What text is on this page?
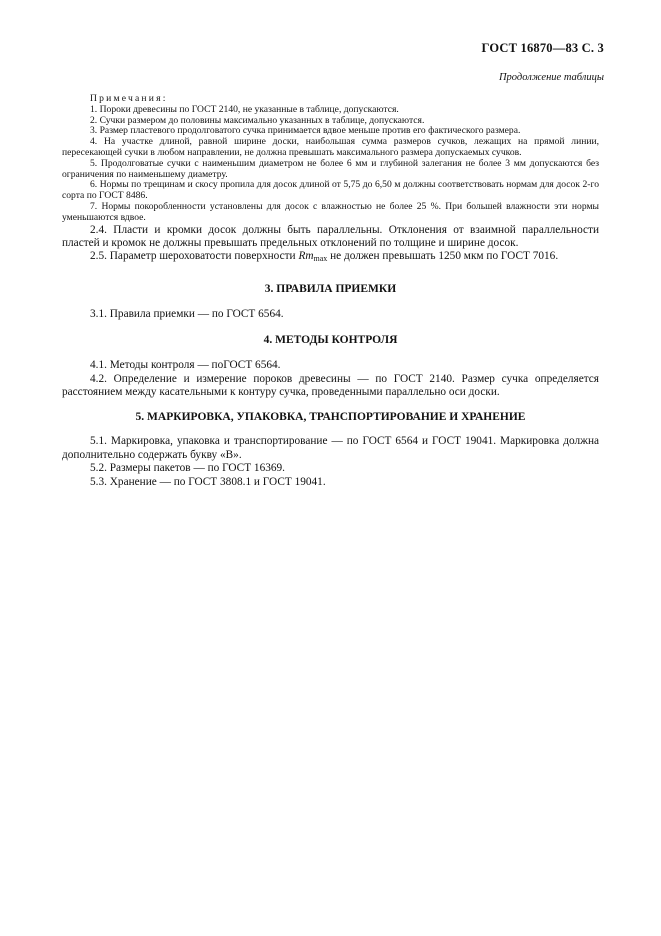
ГОСТ 16870—83 С. 3
Продолжение таблицы
Примечания:

1. Пороки древесины по ГОСТ 2140, не указанные в таблице, допускаются.

2. Сучки размером до половины максимально указанных в таблице, допускаются.

3. Размер пластевого продолговатого сучка принимается вдвое меньше против его фактического размера.

4. На участке длиной, равной ширине доски, наибольшая сумма размеров сучков, лежащих на прямой линии, пересекающей сучки в любом направлении, не должна превышать максимального размера допускаемых сучков.

5. Продолговатые сучки с наименьшим диаметром не более 6 мм и глубиной залегания не более 3 мм допускаются без ограничения по наименьшему диаметру.

6. Нормы по трещинам и скосу пропила для досок длиной от 5,75 до 6,50 м должны соответствовать нормам для досок 2-го сорта по ГОСТ 8486.

7. Нормы покоробленности установлены для досок с влажностью не более 25 %. При большей влажности эти нормы уменьшаются вдвое.

2.4. Пласти и кромки досок должны быть параллельны. Отклонения от взаимной параллельности пластей и кромок не должны превышать предельных отклонений по толщине и ширине досок.

2.5. Параметр шероховатости поверхности $Rm_{max}$ не должен превышать 1250 мкм по ГОСТ 7016.

3. ПРАВИЛА ПРИЕМКИ

3.1. Правила приемки — по ГОСТ 6564.

4. МЕТОДЫ КОНТРОЛЯ

4.1. Методы контроля — поГОСТ 6564.

4.2. Определение и измерение пороков древесины — по ГОСТ 2140. Размер сучка определяется расстоянием между касательными к контуру сучка, проведенными параллельно оси доски.

5. МАРКИРОВКА, УПАКОВКА, ТРАНСПОРТИРОВАНИЕ И ХРАНЕНИЕ

5.1. Маркировка, упаковка и транспортирование — по ГОСТ 6564 и ГОСТ 19041. Маркировка должна дополнительно содержать букву «В».

5.2. Размеры пакетов — по ГОСТ 16369.

5.3. Хранение — по ГОСТ 3808.1 и ГОСТ 19041.
